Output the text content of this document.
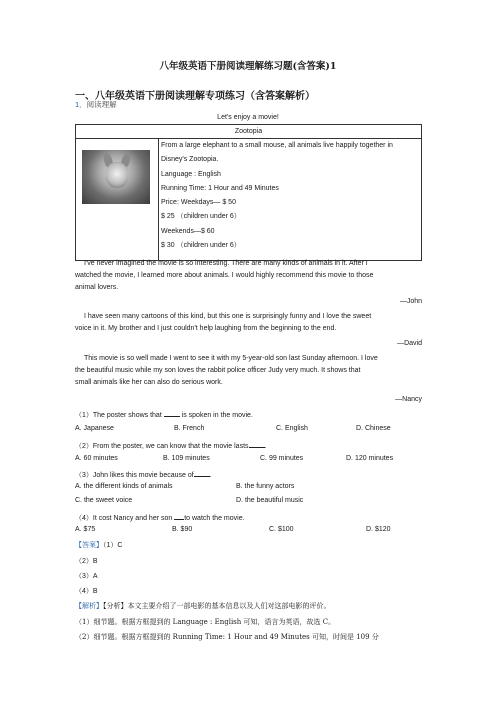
八年级英语下册阅读理解练习题(含答案)1
一、八年级英语下册阅读理解专项练习（含答案解析）
1．阅读理解
Let's enjoy a movie!
Zootopia

From a large elephant to a small mouse, all animals live happily together in
Disney's Zootopia.
Language : English
Running Time: 1 Hour and 49 Minutes
Price: Weekdays— $ 50
$ 25 （children under 6）
Weekends—$ 60
$ 30 （children under 6）
I've never imagined the movie is so interesting. There are many kinds of animals in it. After I
watched the movie, I learned more about animals. I would highly recommend this movie to those
animal lovers.
—John
I have seen many cartoons of this kind, but this one is surprisingly funny and I love the sweet
voice in it. My brother and I just couldn't help laughing from the beginning to the end.
—David
This movie is so well made I went to see it with my 5-year-old son last Sunday afternoon. I love
the beautiful music while my son loves the rabbit police officer Judy very much. It shows that
small animals like her can also do serious work.
—Nancy
（1）The poster shows that  is spoken in the movie.
A. Japanese	B. French	C. English	D. Chinese
（2）From the poster, we can know that the movie lasts .
A. 60 minutes	B. 109 minutes	C. 99 minutes	D. 120 minutes
（3）John likes this movie because of .
A. the different kinds of animals	B. the funny actors
C. the sweet voice	D. the beautiful music
（4）It cost Nancy and her son to watch the movie.
A. $75	B. $90	C. $100	D. $120
【答案】（1）C
（2）B
（3）A
（4）B
【解析】【分析】本文主要介绍了一部电影的基本信息以及人们对这部电影的评价。
（1）细节题。根据方框提到的 Language : English 可知，语言为英语，故选 C。
（2）细节题。根据方框提到的 Running Time: 1 Hour and 49 Minutes 可知，时间是 109 分
